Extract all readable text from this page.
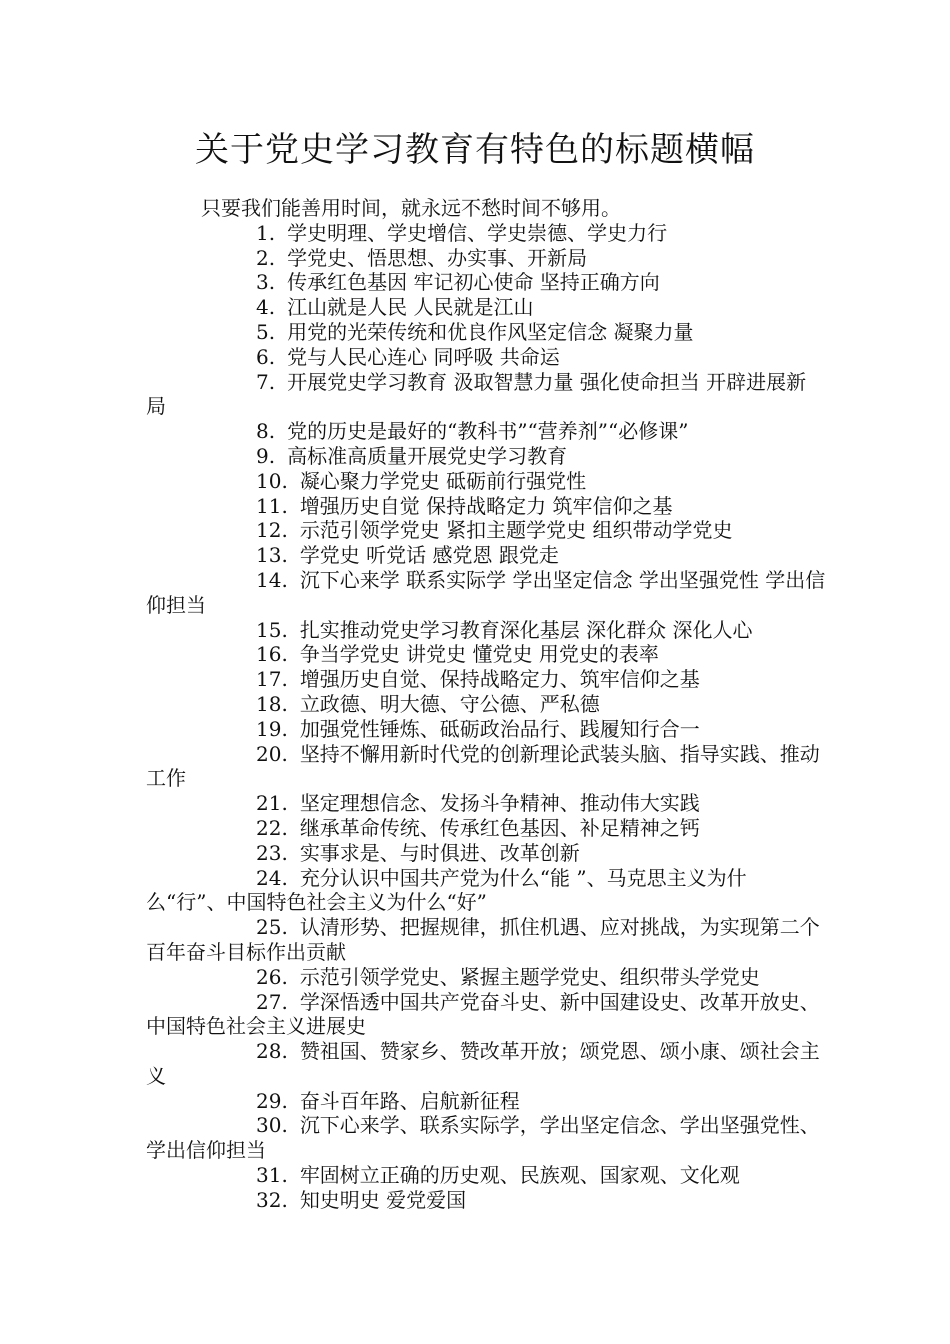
关于党史学习教育有特色的标题横幅

只要我们能善用时间，就永远不愁时间不够用。

1. 学史明理、学史增信、学史崇德、学史力行

2. 学党史、悟思想、办实事、开新局

3. 传承红色基因 牢记初心使命 坚持正确方向

4. 江山就是人民 人民就是江山

5. 用党的光荣传统和优良作风坚定信念 凝聚力量

6. 党与人民心连心 同呼吸 共命运

7. 开展党史学习教育 汲取智慧力量 强化使命担当 开辟进展新局

8. 党的历史是最好的“教科书”“营养剂”“必修课”

9. 高标准高质量开展党史学习教育

10. 凝心聚力学党史 砥砺前行强党性

11. 增强历史自觉 保持战略定力 筑牢信仰之基

12. 示范引领学党史 紧扣主题学党史 组织带动学党史

13. 学党史 听党话 感党恩 跟党走

14. 沉下心来学 联系实际学 学出坚定信念 学出坚强党性 学出信仰担当

15. 扎实推动党史学习教育深化基层 深化群众 深化人心

16. 争当学党史 讲党史 懂党史 用党史的表率

17. 增强历史自觉、保持战略定力、筑牢信仰之基

18. 立政德、明大德、守公德、严私德

19. 加强党性锤炼、砥砺政治品行、践履知行合一

20. 坚持不懈用新时代党的创新理论武装头脑、指导实践、推动工作

21. 坚定理想信念、发扬斗争精神、推动伟大实践

22. 继承革命传统、传承红色基因、补足精神之钙

23. 实事求是、与时俱进、改革创新

24. 充分认识中国共产党为什么“能 ”、马克思主义为什么“行”、中国特色社会主义为什么“好”

25. 认清形势、把握规律，抓住机遇、应对挑战，为实现第二个百年奋斗目标作出贡献

26. 示范引领学党史、紧握主题学党史、组织带头学党史

27. 学深悟透中国共产党奋斗史、新中国建设史、改革开放史、中国特色社会主义进展史

28. 赞祖国、赞家乡、赞改革开放；颂党恩、颂小康、颂社会主义

29. 奋斗百年路、启航新征程

30. 沉下心来学、联系实际学，学出坚定信念、学出坚强党性、学出信仰担当

31. 牢固树立正确的历史观、民族观、国家观、文化观

32. 知史明史 爱党爱国
